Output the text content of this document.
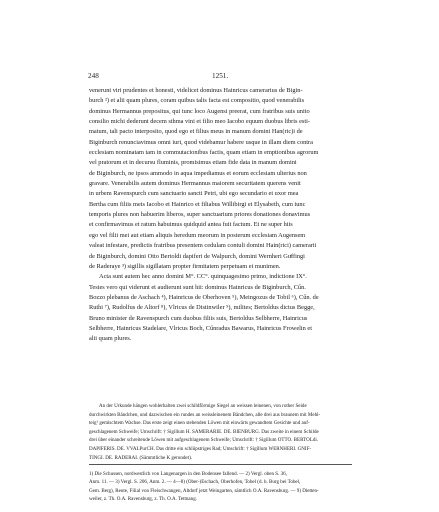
248	1251.
venerunt viri prudentes et honesti, videlicet dominus Hainricus camerarius de Bigin-
burch ²) et alii quam plures, coram quibus talis facta est compositio, quod venerabilis
dominus Hermannus prepositus, qui tunc loco Augensi preerat, cum fratribus suis unito
consilio michi dederunt decem sthma vini et filio meo Iacobo equum duobus libris esti-
matum, tali pacto interposito, quod ego et filius meus in manum domini Han(ric)i de
Biginburch renunciavimus omni iuri, quod videbamur habere usque in illam diem contra
ecclesiam nominatam tam in commutacionibus factis, quam etiam in emptionibus agrorum
vel pratorum et in decursu fluminis, promisimus etiam fide data in manum domini
de Biginburch, ne ipsos ammodo in aqua impediamus et eorum ecclesiam ulterius non
gravare. Venerabilis autem dominus Hermannus maiorem securitatem querens venit
in urbem Ravenspurch cum sanctuario sancti Petri, ubi ego secundario et uxor mea
Bertha cum filiis meis Iacobo et Hainrico et filiabus Willibirgi et Elysabeth, cum tunc
temporis plures non habuerim liberos, super sanctuarium priores donationes donavimus
et confirmavimus et ratum habuimus quidquid antea fuit factum. Et ne super hiis
ego vel filii mei aut etiam aliquis heredum meorum in posterum ecclesiam Augensem
valeat infestare, predictis fratribus presentem cedulam contuli domini Hain(rici) camerarii
de Biginburch, domini Otto Bertoldi dapiferi de Walpurch, domini Wernheri Guͤffingi
de Raderaye ³) sigillis sigillatam propter firmitatem perpetuam et munimen.
Acta sunt autem hec anno domini M°. CC°. quinquagesimo primo, indictione IX°.
Testes vero qui viderunt et audierunt sunt hii: dominus Hainricus de Biginburch, Cűn.
Bozzo plebanus de Aschach ⁴), Hainricus de Oberhoven ⁵), Meingozus de Tobil ⁶), Cűn. de
Ruthi ⁷), Rudolfus de Altorf ⁸), Vlricus de Distinwiler ⁹), milites; Bertoldus dictus Begge,
Bruno minister de Ravenspurch cum duobus filiis suis, Bertoldus Selbherre, Hainricus
Selbherre, Hainricus Stadelare, Vlricus Boch, Cűnradus Bawarus, Hainricus Frowelin et
alii quam plures.
An der Urkunde hängen wohlerhalten zwei schildförmige Siegel an weissen leinenen, von rother Seide
durchwirkten Bändchen, und dazwischen ein rundes an weissleinenem Bändchen, alle drei aus braunem mit Mehl-
teig¹ gemischtem Wachse. Das erste zeigt einen stehenden Löwen mit einwärts gewandtem Gesichte und auf-
geschlagenem Schweife; Umschrift: † Sigillum H. SAMERARIE. DE. BIENBURG. Das zweite in einem Schilde
drei über einander schreitende Löwen mit aufgeschlagenem Schweife; Umschrift: † Sigillum OTTO. BERTOLdi.
DAPIFERIS. DE. VVALPurCH. Das dritte ein schlüpstriges Rad; Umschrift: † Sigillum WERNHERI. GNIF-
TINGI. DE. RADERAI. (Sämmtliche K gerundet).
1) Die Schussen, nordwestlich von Langenargen in den Bodensee fallend. — 2) Vergl. oben S. 36,
Anm. 11. — 3) Vergl. S. 206, Anm. 2. — 4—8) (Ober-)Eschach, Oberhofen, Tobel (d. h. Burg bei Tobel,
Gem. Berg), Reute, Filial von Fleischwangen, Altdorf jetzt Weingarten, sämtlich O.A. Ravensburg. — 9) Dietten-
weiler, z. Th. O.A. Ravensburg, z. Th. O.A. Tettnang.
